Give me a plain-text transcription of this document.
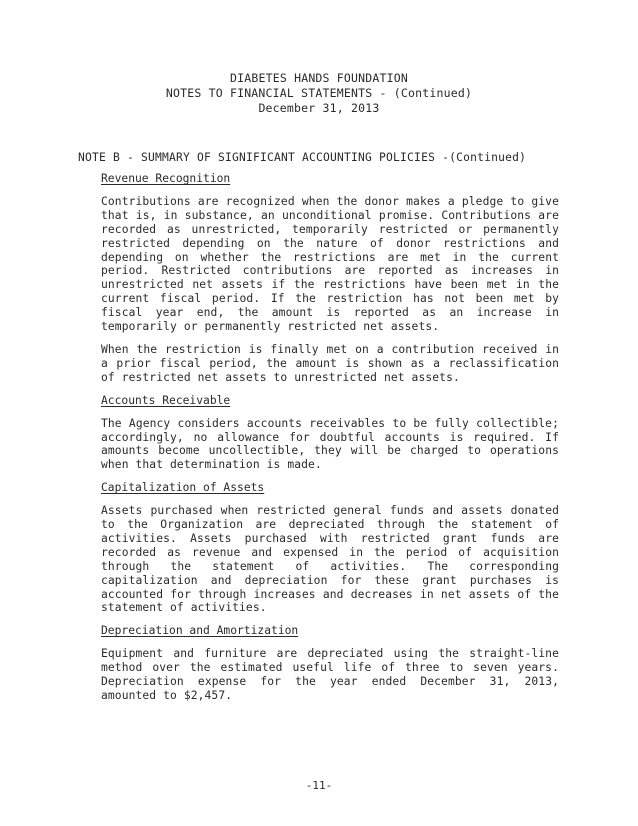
DIABETES HANDS FOUNDATION
NOTES TO FINANCIAL STATEMENTS - (Continued)
December 31, 2013
NOTE B - SUMMARY OF SIGNIFICANT ACCOUNTING POLICIES -(Continued)
Revenue Recognition

Contributions are recognized when the donor makes a pledge to give that is, in substance, an unconditional promise. Contributions are recorded as unrestricted, temporarily restricted or permanently restricted depending on the nature of donor restrictions and depending on whether the restrictions are met in the current period. Restricted contributions are reported as increases in unrestricted net assets if the restrictions have been met in the current fiscal period. If the restriction has not been met by fiscal year end, the amount is reported as an increase in temporarily or permanently restricted net assets.

When the restriction is finally met on a contribution received in a prior fiscal period, the amount is shown as a reclassification of restricted net assets to unrestricted net assets.

Accounts Receivable

The Agency considers accounts receivables to be fully collectible; accordingly, no allowance for doubtful accounts is required. If amounts become uncollectible, they will be charged to operations when that determination is made.

Capitalization of Assets

Assets purchased when restricted general funds and assets donated to the Organization are depreciated through the statement of activities. Assets purchased with restricted grant funds are recorded as revenue and expensed in the period of acquisition through the statement of activities. The corresponding capitalization and depreciation for these grant purchases is accounted for through increases and decreases in net assets of the statement of activities.

Depreciation and Amortization

Equipment and furniture are depreciated using the straight-line method over the estimated useful life of three to seven years. Depreciation expense for the year ended December 31, 2013, amounted to $2,457.

-11-
